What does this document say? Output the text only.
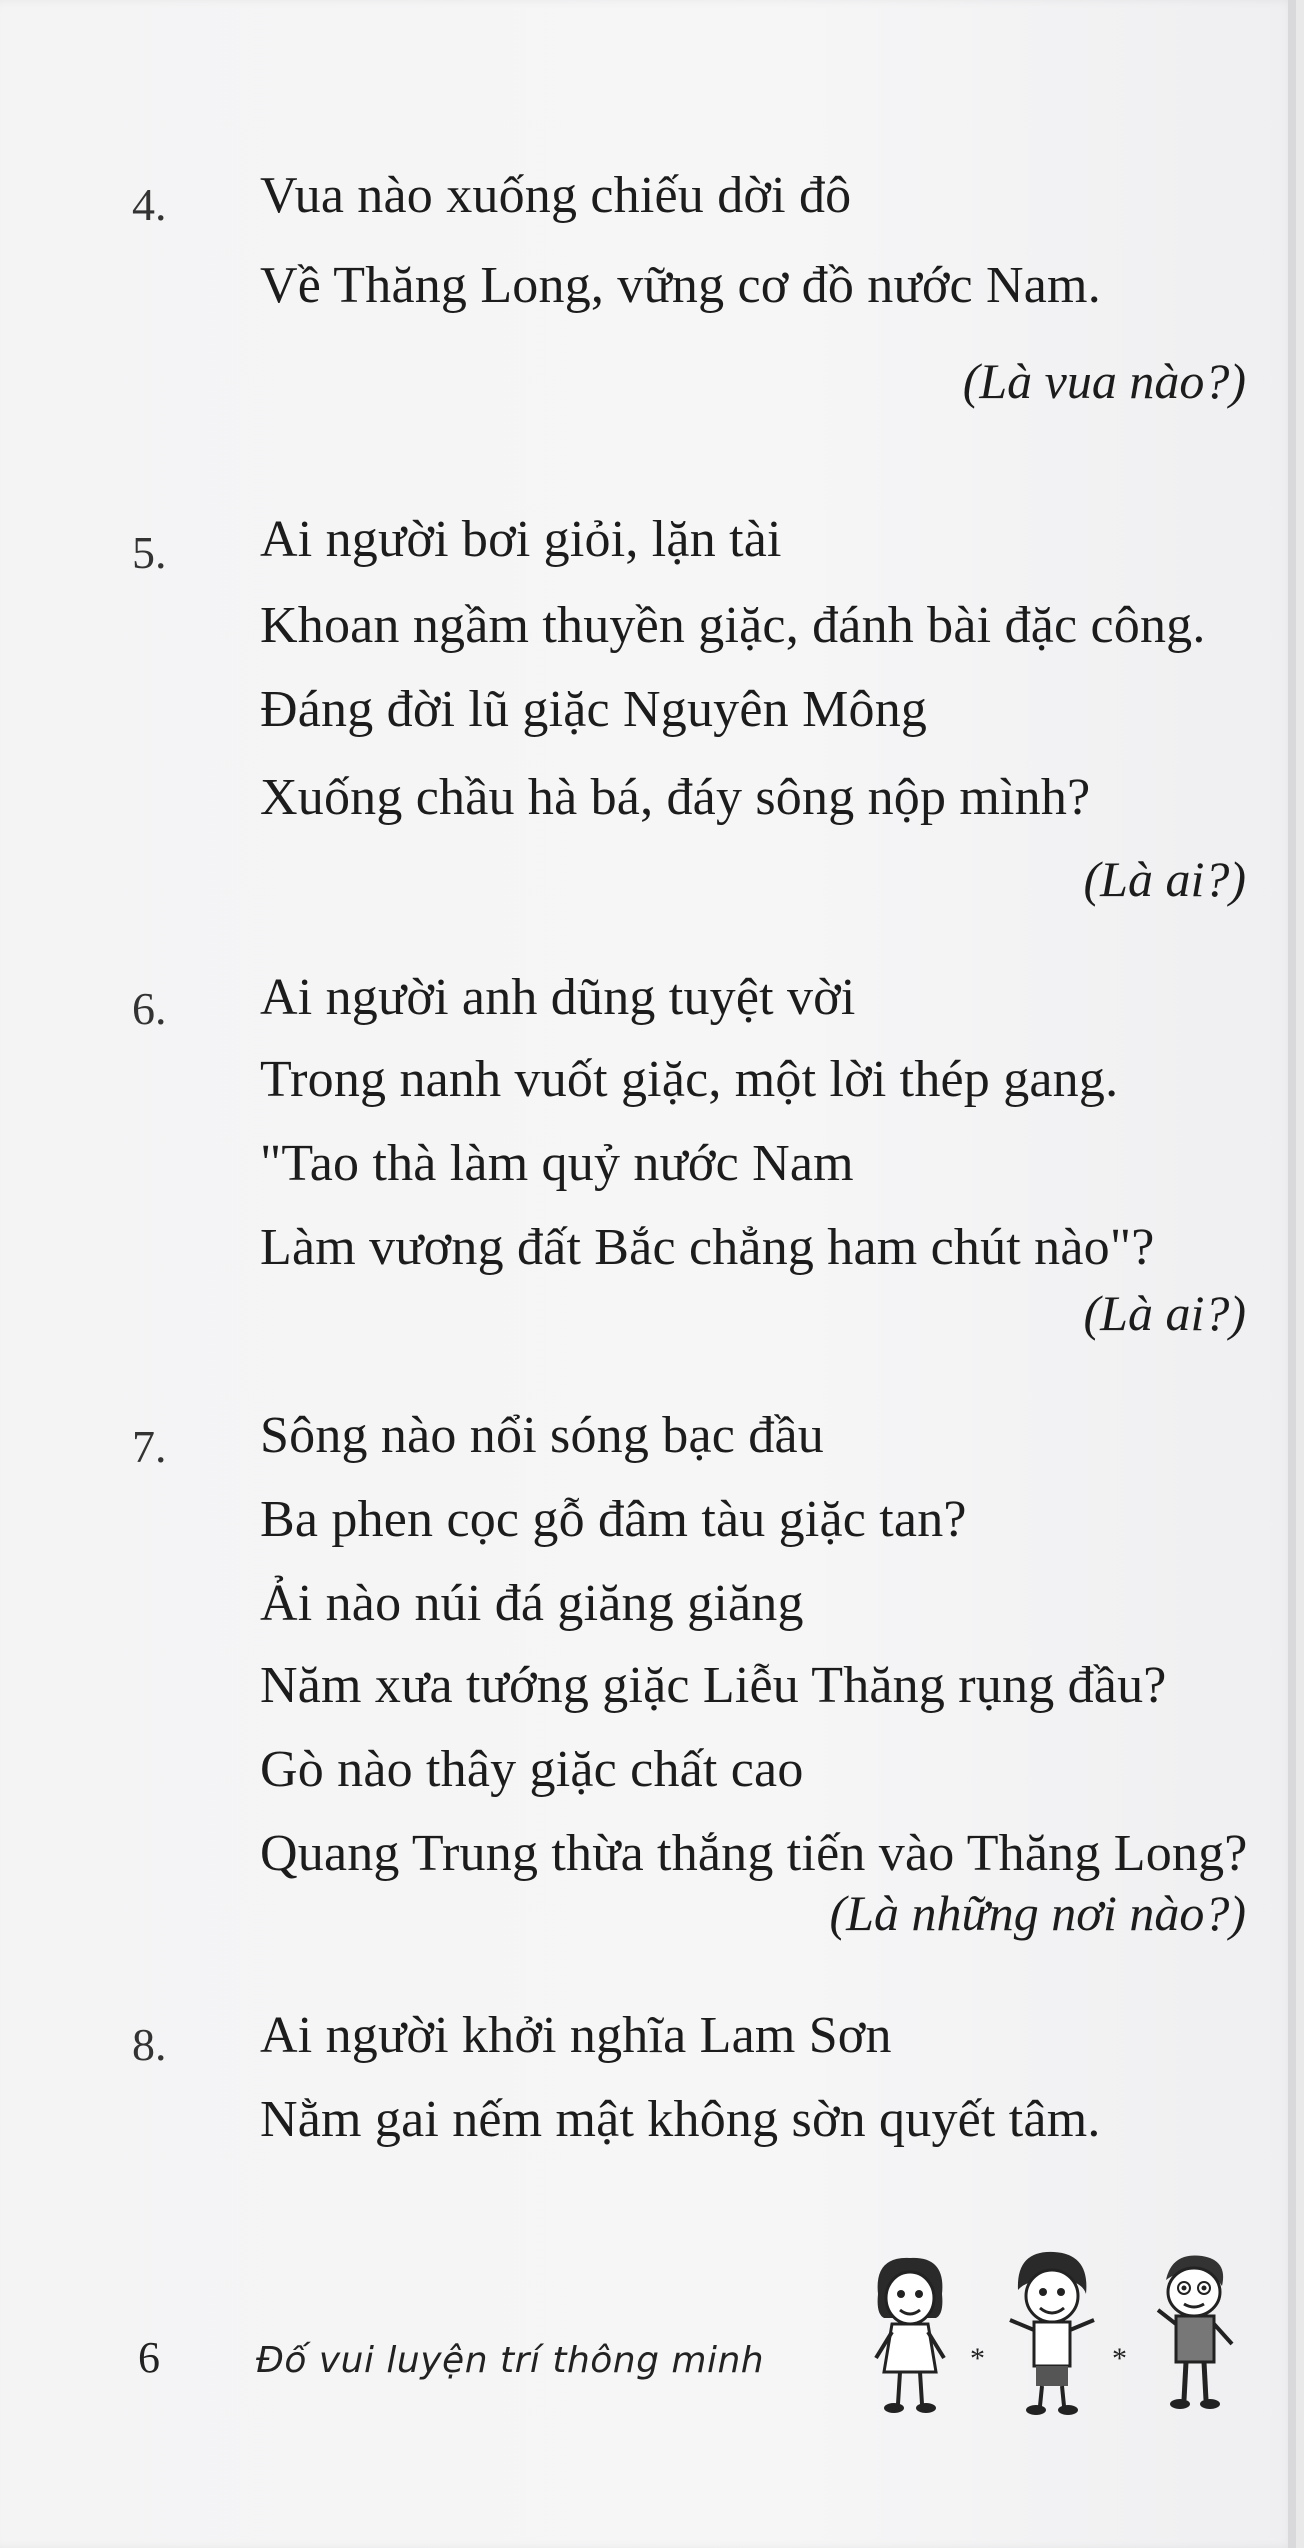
4. Vua nào xuống chiếu dời đô
Về Thăng Long, vững cơ đồ nước Nam.
(Là vua nào?)
5. Ai người bơi giỏi, lặn tài
Khoan ngầm thuyền giặc, đánh bài đặc công.
Đáng đời lũ giặc Nguyên Mông
Xuống chầu hà bá, đáy sông nộp mình?
(Là ai?)
6. Ai người anh dũng tuyệt vời
Trong nanh vuốt giặc, một lời thép gang.
"Tao thà làm quỷ nước Nam
Làm vương đất Bắc chẳng ham chút nào"?
(Là ai?)
7. Sông nào nổi sóng bạc đầu
Ba phen cọc gỗ đâm tàu giặc tan?
Ải nào núi đá giăng giăng
Năm xưa tướng giặc Liễu Thăng rụng đầu?
Gò nào thây giặc chất cao
Quang Trung thừa thắng tiến vào Thăng Long?
(Là những nơi nào?)
8. Ai người khởi nghĩa Lam Sơn
Nằm gai nếm mật không sờn quyết tâm.
6	Đố vui luyện trí thông minh	*	*
